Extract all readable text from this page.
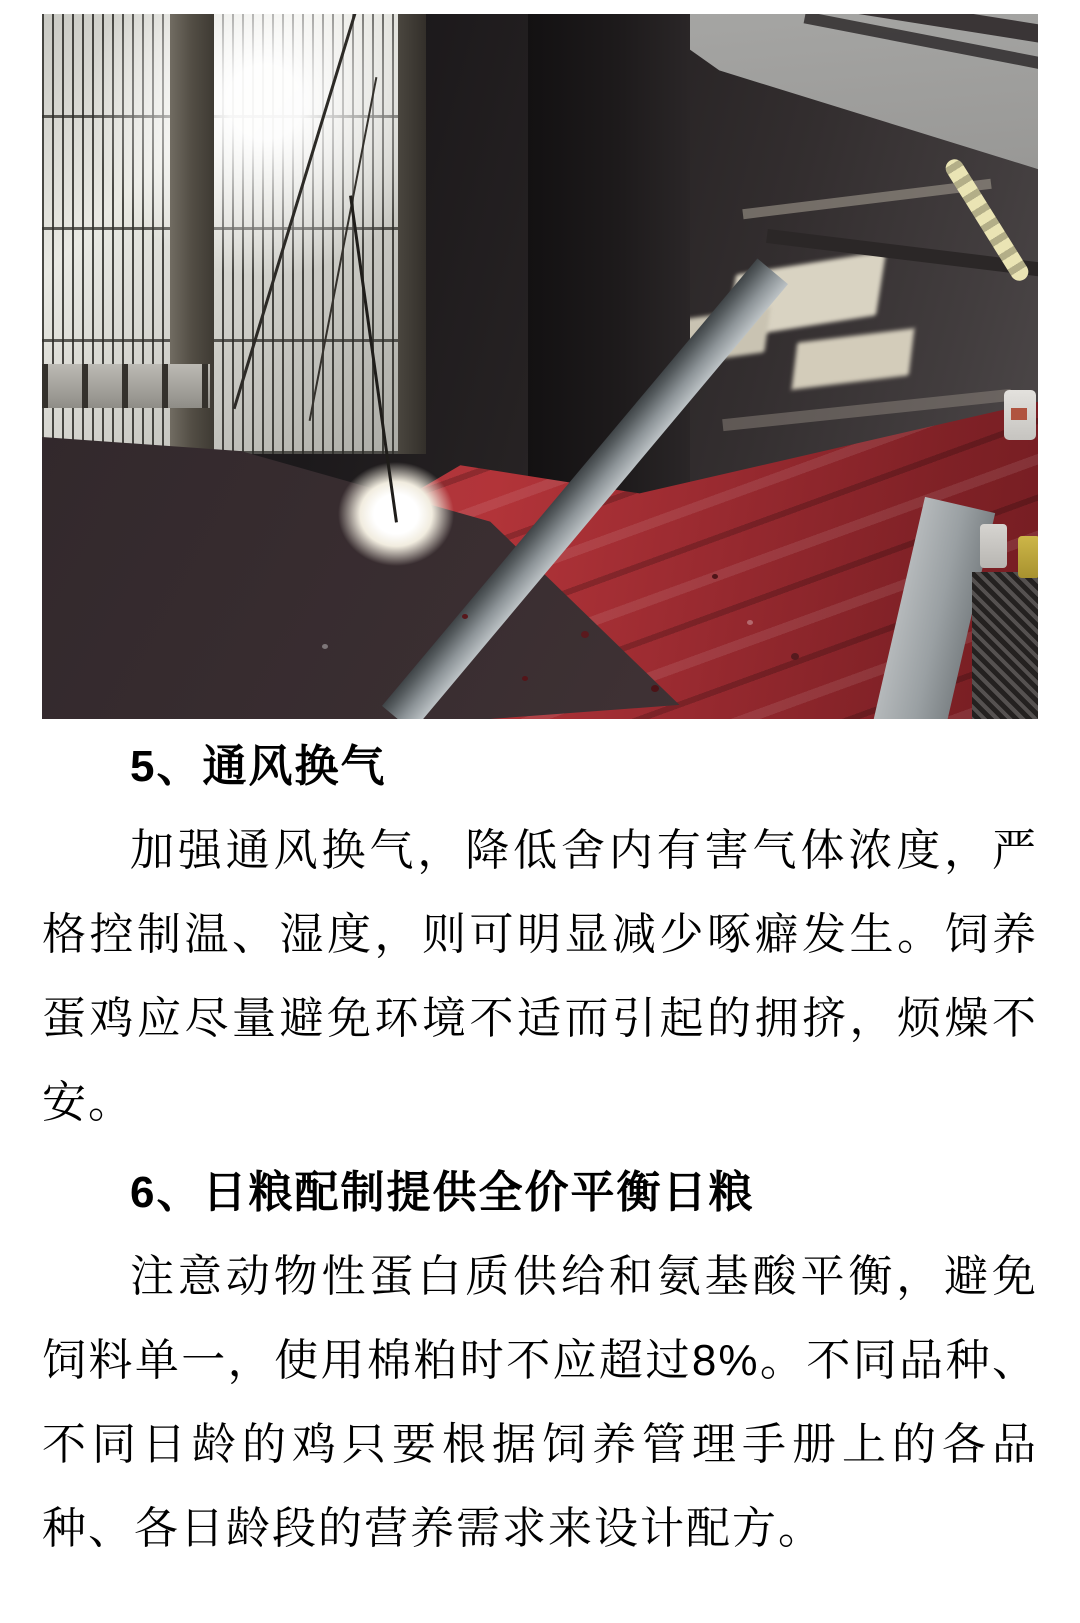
5、通风换气

加强通风换气，降低舍内有害气体浓度，严格控制温、湿度，则可明显减少啄癖发生。饲养蛋鸡应尽量避免环境不适而引起的拥挤，烦燥不安。

6、日粮配制提供全价平衡日粮

注意动物性蛋白质供给和氨基酸平衡，避免饲料单一，使用棉粕时不应超过8%。不同品种、不同日龄的鸡只要根据饲养管理手册上的各品种、各日龄段的营养需求来设计配方。
